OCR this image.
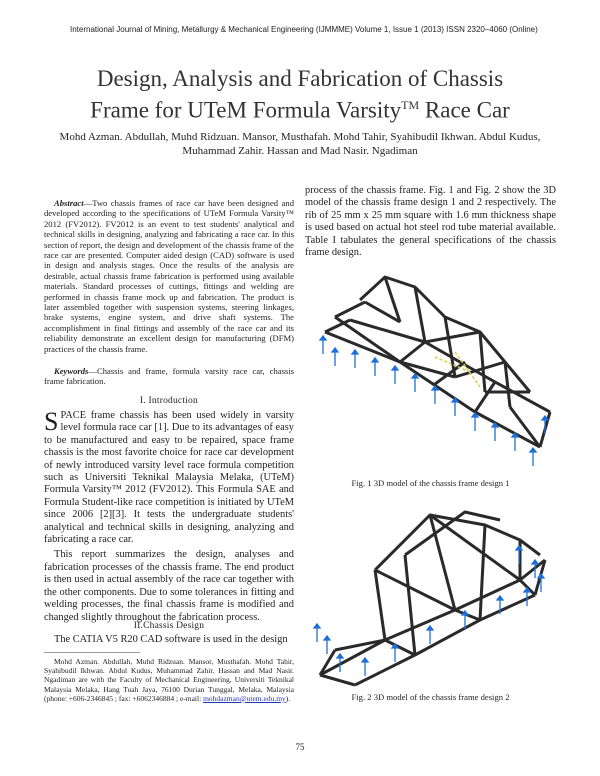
International Journal of Mining, Metallurgy & Mechanical Engineering (IJMMME) Volume 1, Issue 1 (2013) ISSN 2320–4060 (Online)
Design, Analysis and Fabrication of Chassis
Frame for UTeM Formula Varsity™ Race Car
Mohd Azman. Abdullah, Muhd Ridzuan. Mansor, Musthafah. Mohd Tahir, Syahibudil Ikhwan. Abdul Kudus, Muhammad Zahir. Hassan and Mad Nasir. Ngadiman
Abstract—Two chassis frames of race car have been designed and developed according to the specifications of UTeM Formula Varsity™ 2012 (FV2012). FV2012 is an event to test students' analytical and technical skills in designing, analyzing and fabricating a race car. In this section of report, the design and development of the chassis frame of the race car are presented. Computer aided design (CAD) software is used in design and analysis stages. Once the results of the analysis are desirable, actual chassis frame fabrication is performed using available materials. Standard processes of cuttings, fittings and welding are performed in chassis frame mock up and fabrication. The product is later assembled together with suspension systems, steering linkages, brake systems, engine system, and drive shaft systems. The accomplishment in final fittings and assembly of the race car and its reliability demonstrate an excellent design for manufacturing (DFM) practices of the chassis frame.
Keywords—Chassis and frame, formula varsity race car, chassis frame fabrication.
I. Introduction
SPACE frame chassis has been used widely in varsity level formula race car [1]. Due to its advantages of easy to be manufactured and easy to be repaired, space frame chassis is the most favorite choice for race car development of newly introduced varsity level race formula competition such as Universiti Teknikal Malaysia Melaka, (UTeM) Formula Varsity™ 2012 (FV2012). This Formula SAE and Formula Student-like race competition is initiated by UTeM since 2006 [2][3]. It tests the undergraduate students' analytical and technical skills in designing, analyzing and fabricating a race car.
This report summarizes the design, analyses and fabrication processes of the chassis frame. The end product is then used in actual assembly of the race car together with the other components. Due to some tolerances in fitting and welding processes, the final chassis frame is modified and changed slightly throughout the fabrication process.
II.Chassis Design
The CATIA V5 R20 CAD software is used in the design
Mohd Azman. Abdullah, Muhd Ridzuan. Mansor, Musthafah. Mohd Tahir, Syahibudil Ikhwan. Abdul Kudus, Muhammad Zahir. Hassan and Mad Nasir. Ngadiman are with the Faculty of Mechanical Engineering, Universiti Teknikal Malaysia Melaka, Hang Tuah Jaya, 76100 Durian Tunggal, Melaka, Malaysia (phone: +606-2346845 ; fax: +6062346884 ; e-mail: mohdazman@utem.edu.my).
process of the chassis frame. Fig. 1 and Fig. 2 show the 3D model of the chassis frame design 1 and 2 respectively. The rib of 25 mm x 25 mm square with 1.6 mm thickness shape is used based on actual hot steel rod tube material available. Table I tabulates the general specifications of the chassis frame design.
Fig. 1 3D model of the chassis frame design 1
Fig. 2 3D model of the chassis frame design 2
75
